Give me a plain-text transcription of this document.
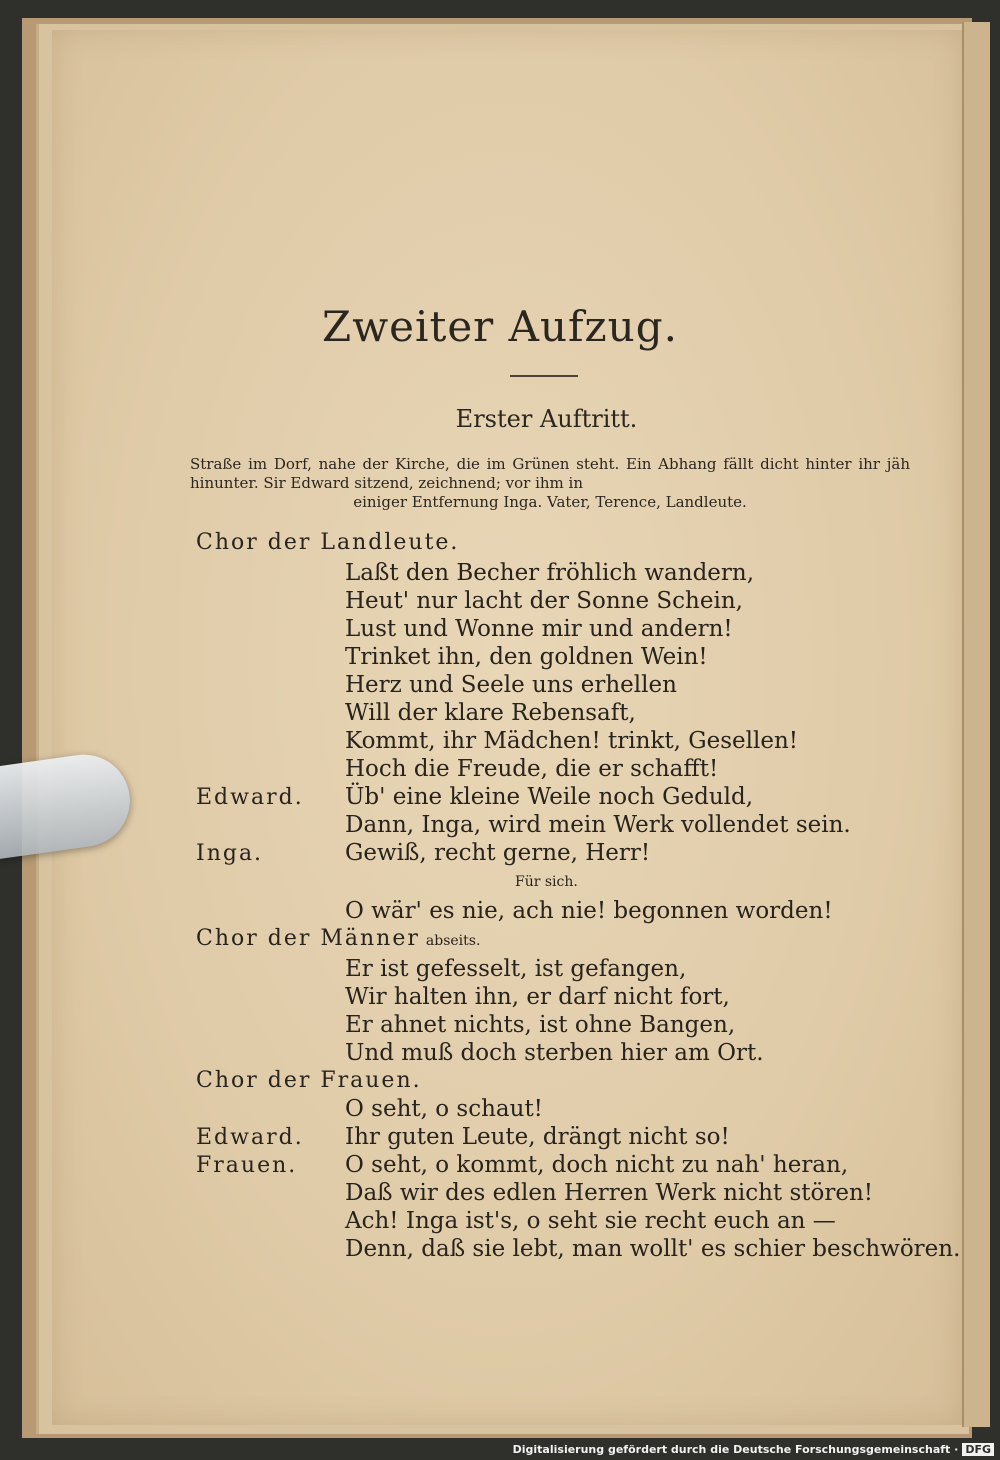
Zweiter Aufzug.
Erster Auftritt.
Straße im Dorf, nahe der Kirche, die im Grünen steht. Ein Abhang fällt dicht hinter ihr jäh hinunter. Sir Edward sitzend, zeichnend; vor ihm in
einiger Entfernung Inga. Vater, Terence, Landleute.
Chor der Landleute.
Laßt den Becher fröhlich wandern,
Heut' nur lacht der Sonne Schein,
Lust und Wonne mir und andern!
Trinket ihn, den goldnen Wein!
Herz und Seele uns erhellen
Will der klare Rebensaft,
Kommt, ihr Mädchen! trinkt, Gesellen!
Hoch die Freude, die er schafft!
Edward. Üb' eine kleine Weile noch Geduld,
Dann, Inga, wird mein Werk vollendet sein.
Inga.	Gewiß, recht gerne, Herr!
Für sich.
O wär' es nie, ach nie! begonnen worden!
Chor der Männer abseits.
Er ist gefesselt, ist gefangen,
Wir halten ihn, er darf nicht fort,
Er ahnet nichts, ist ohne Bangen,
Und muß doch sterben hier am Ort.
Chor der Frauen.
O seht, o schaut!
Edward. Ihr guten Leute, drängt nicht so!
Frauen. O seht, o kommt, doch nicht zu nah' heran,
Daß wir des edlen Herren Werk nicht stören!
Ach! Inga ist's, o seht sie recht euch an —
Denn, daß sie lebt, man wollt' es schier beschwören.
Digitalisierung gefördert durch die Deutsche Forschungsgemeinschaft · DFG
